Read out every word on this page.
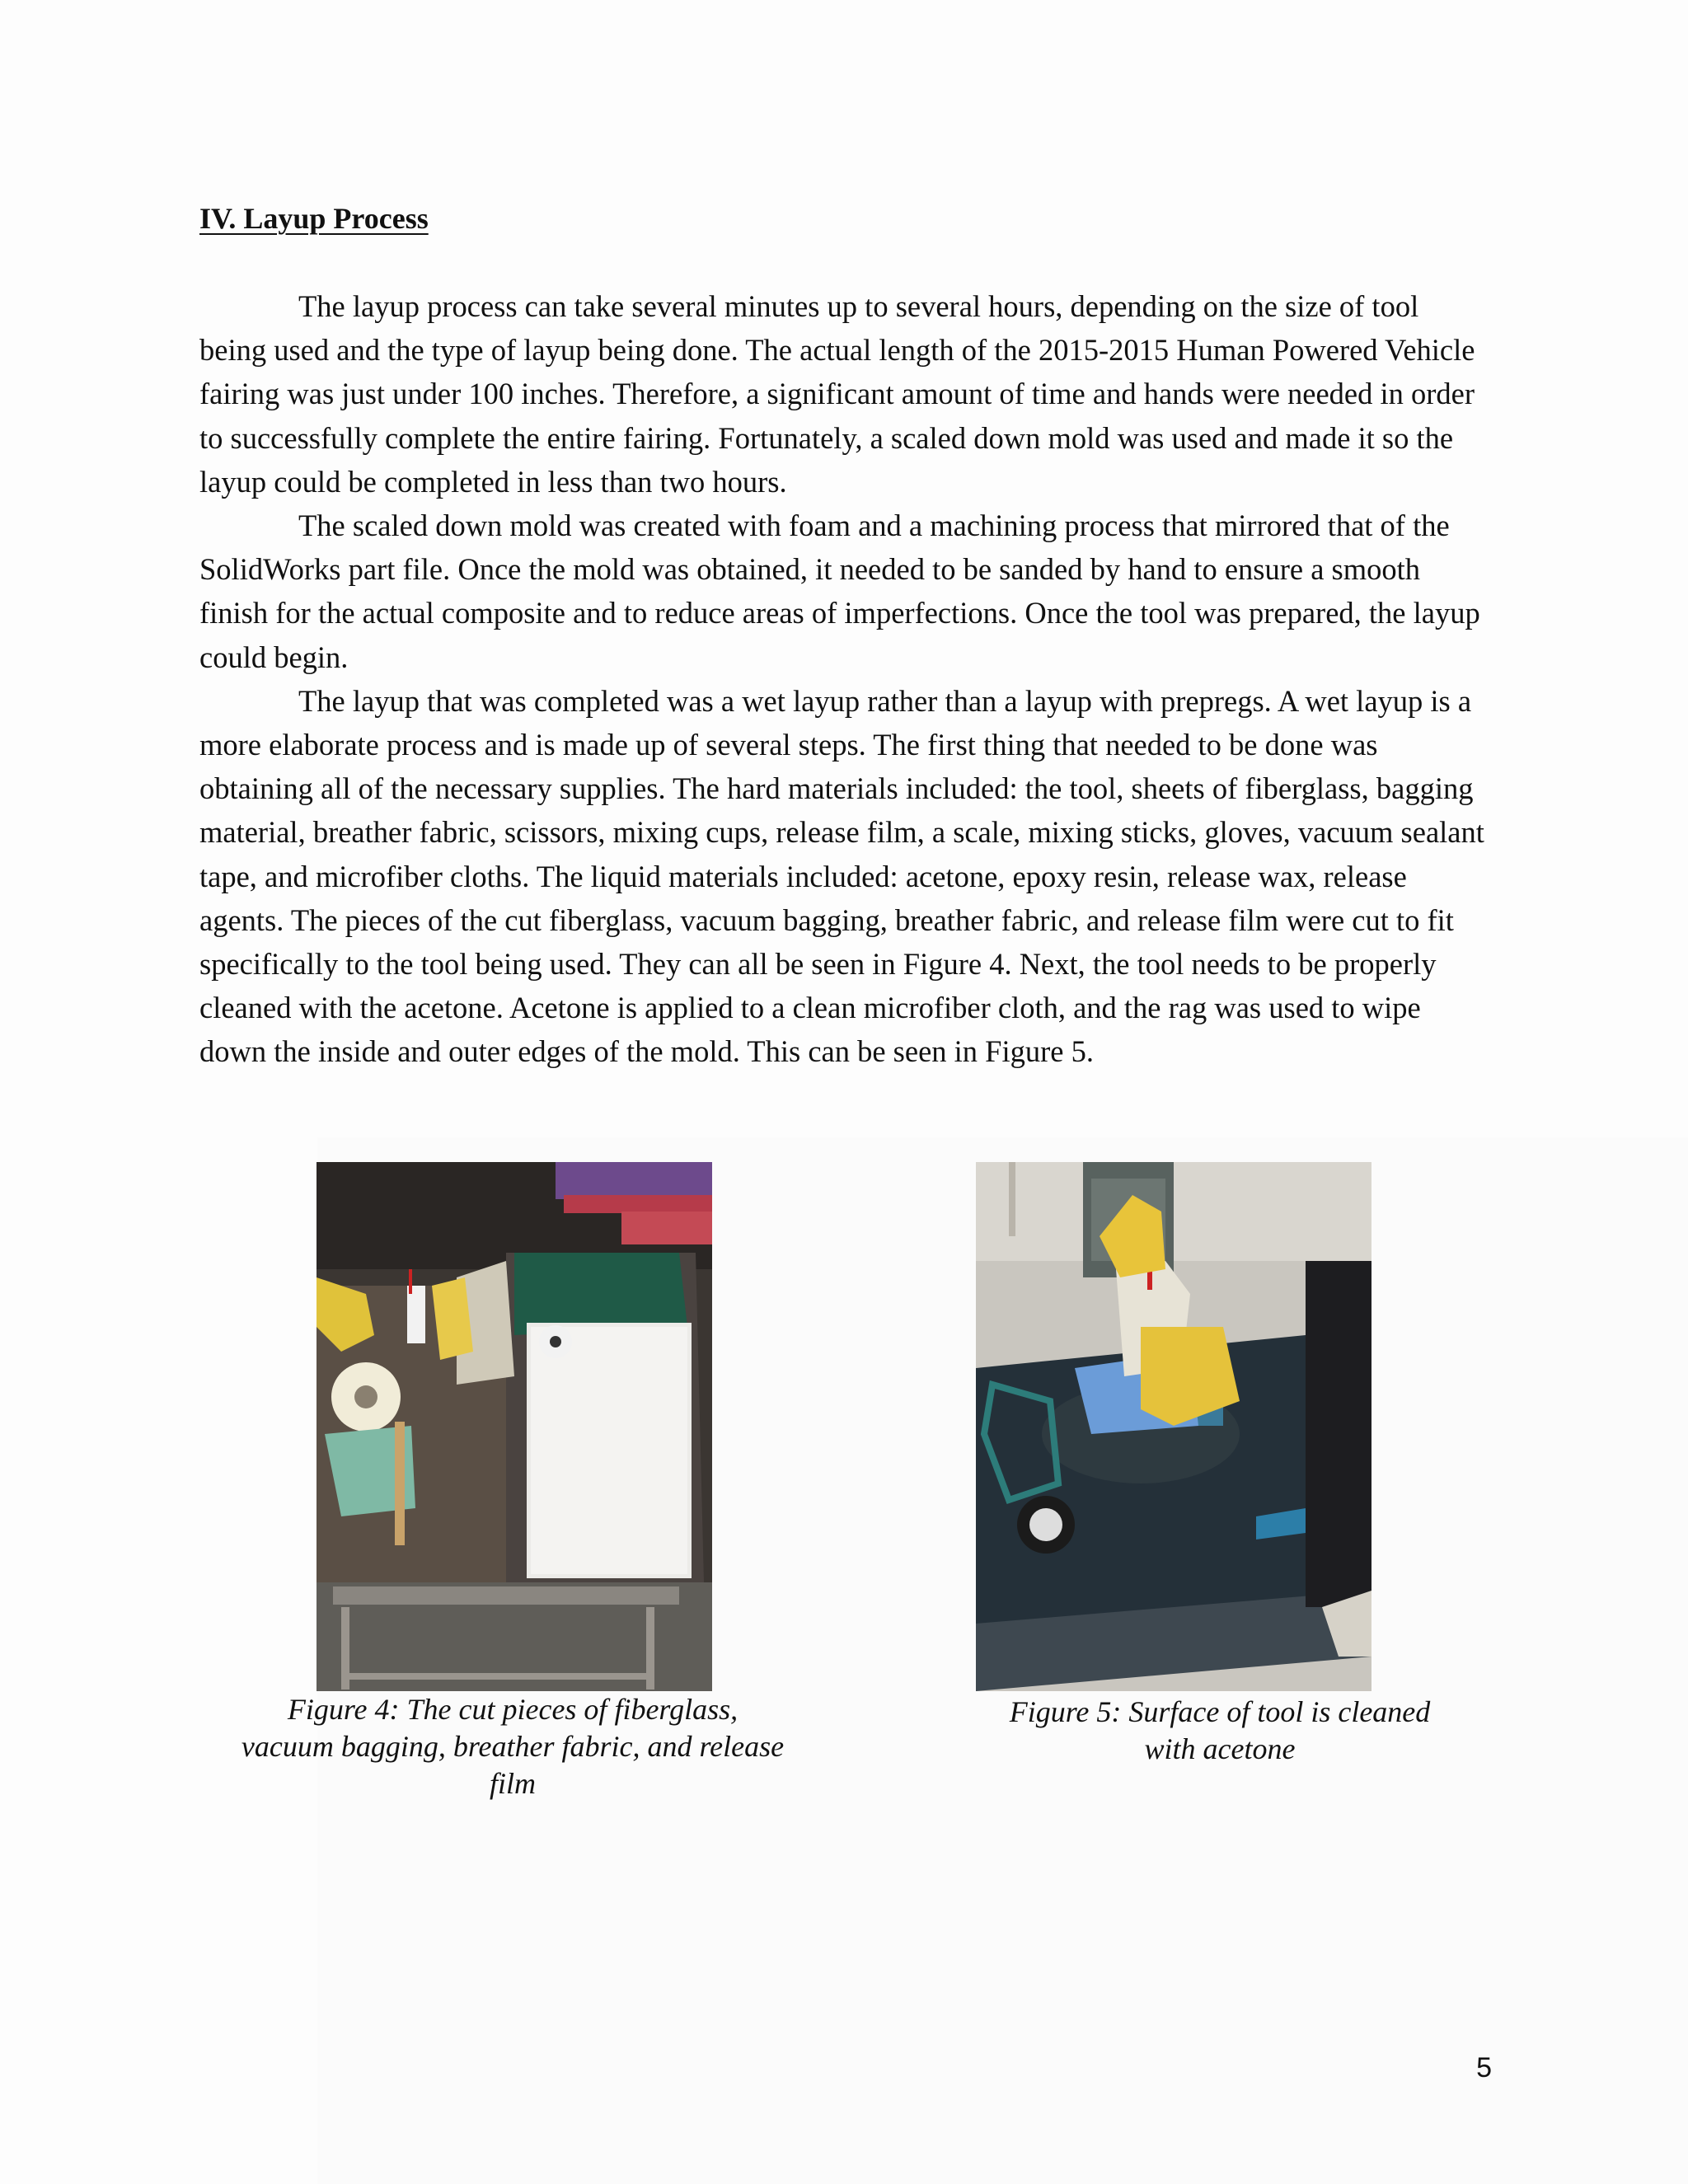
IV. Layup Process

The layup process can take several minutes up to several hours, depending on the size of tool being used and the type of layup being done. The actual length of the 2015-2015 Human Powered Vehicle fairing was just under 100 inches. Therefore, a significant amount of time and hands were needed in order to successfully complete the entire fairing. Fortunately, a scaled down mold was used and made it so the layup could be completed in less than two hours.

The scaled down mold was created with foam and a machining process that mirrored that of the SolidWorks part file. Once the mold was obtained, it needed to be sanded by hand to ensure a smooth finish for the actual composite and to reduce areas of imperfections. Once the tool was prepared, the layup could begin.

The layup that was completed was a wet layup rather than a layup with prepregs. A wet layup is a more elaborate process and is made up of several steps. The first thing that needed to be done was obtaining all of the necessary supplies. The hard materials included: the tool, sheets of fiberglass, bagging material, breather fabric, scissors, mixing cups, release film, a scale, mixing sticks, gloves, vacuum sealant tape, and microfiber cloths. The liquid materials included: acetone, epoxy resin, release wax, release agents. The pieces of the cut fiberglass, vacuum bagging, breather fabric, and release film were cut to fit specifically to the tool being used. They can all be seen in Figure 4. Next, the tool needs to be properly cleaned with the acetone. Acetone is applied to a clean microfiber cloth, and the rag was used to wipe down the inside and outer edges of the mold. This can be seen in Figure 5.

Figure 4: The cut pieces of fiberglass,
vacuum bagging, breather fabric, and release
film

Figure 5: Surface of tool is cleaned
with acetone

5
